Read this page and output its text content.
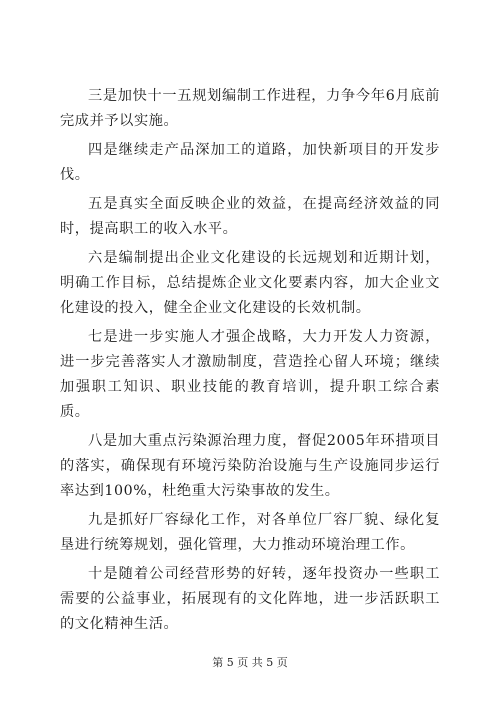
三是加快十一五规划编制工作进程，力争今年6月底前完成并予以实施。

四是继续走产品深加工的道路，加快新项目的开发步伐。

五是真实全面反映企业的效益，在提高经济效益的同时，提高职工的收入水平。

六是编制提出企业文化建设的长远规划和近期计划，明确工作目标，总结提炼企业文化要素内容，加大企业文化建设的投入，健全企业文化建设的长效机制。

七是进一步实施人才强企战略，大力开发人力资源，进一步完善落实人才激励制度，营造拴心留人环境；继续加强职工知识、职业技能的教育培训，提升职工综合素质。

八是加大重点污染源治理力度，督促2005年环措项目的落实，确保现有环境污染防治设施与生产设施同步运行率达到100%，杜绝重大污染事故的发生。

九是抓好厂容绿化工作，对各单位厂容厂貌、绿化复垦进行统筹规划，强化管理，大力推动环境治理工作。

十是随着公司经营形势的好转，逐年投资办一些职工需要的公益事业，拓展现有的文化阵地，进一步活跃职工的文化精神生活。

第 5 页 共 5 页
